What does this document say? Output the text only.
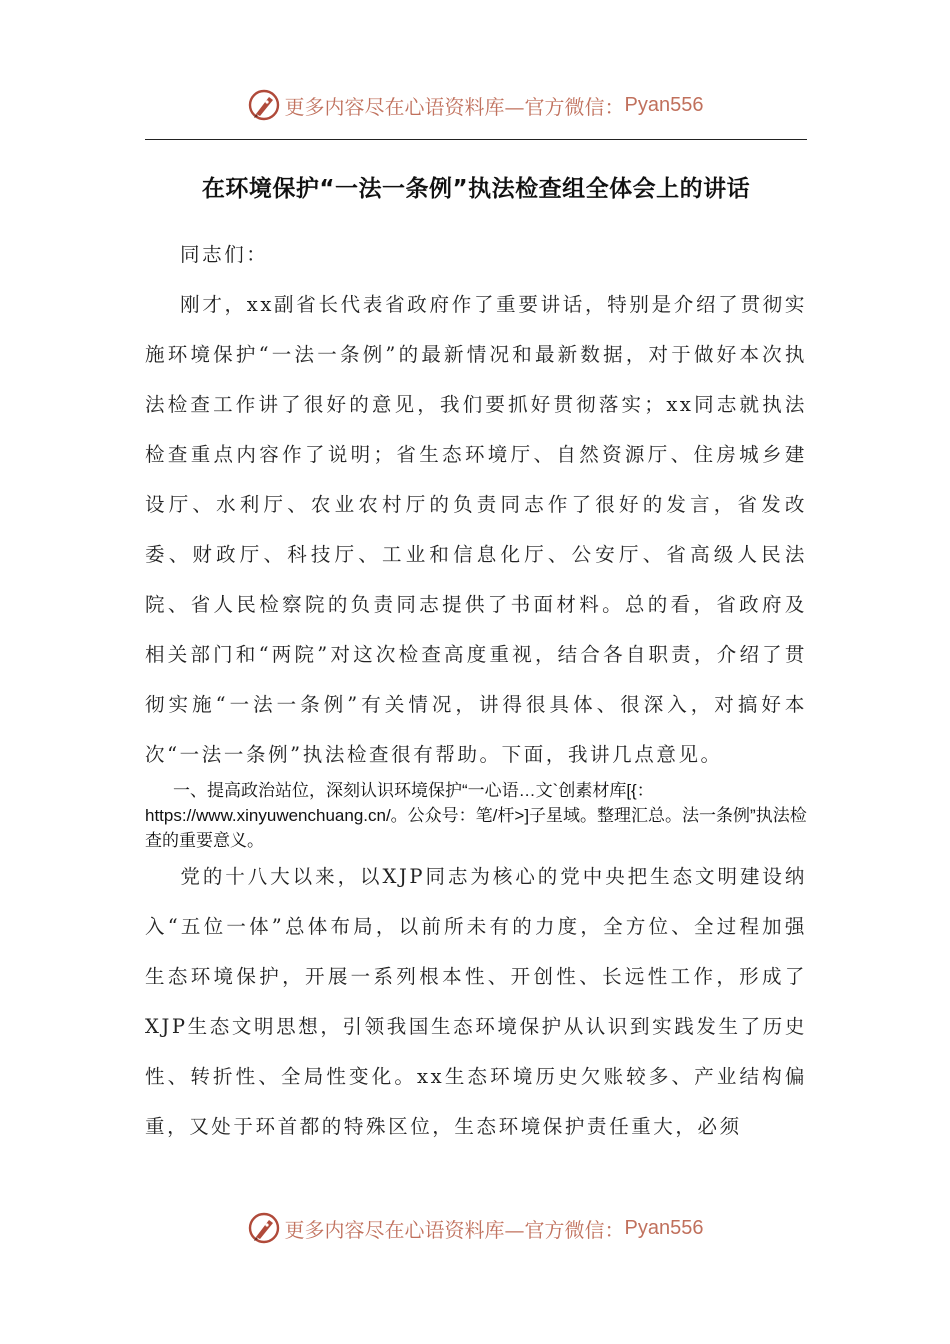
更多内容尽在心语资料库—官方微信： Pyan556
在环境保护“一法一条例”执法检查组全体会上的讲话

同志们：

刚才，xx副省长代表省政府作了重要讲话，特别是介绍了贯彻实施环境保护“一法一条例”的最新情况和最新数据，对于做好本次执法检查工作讲了很好的意见，我们要抓好贯彻落实；xx同志就执法检查重点内容作了说明；省生态环境厅、自然资源厅、住房城乡建设厅、水利厅、农业农村厅的负责同志作了很好的发言，省发改委、财政厅、科技厅、工业和信息化厅、公安厅、省高级人民法院、省人民检察院的负责同志提供了书面材料。总的看，省政府及相关部门和“两院”对这次检查高度重视，结合各自职责，介绍了贯彻实施“一法一条例”有关情况，讲得很具体、很深入，对搞好本次“一法一条例”执法检查很有帮助。下面，我讲几点意见。

一、提高政治站位，深刻认识环境保护“一心语…文`创素材库[{：https://www.xinyuwenchuang.cn/。公众号：笔/杆>]子星域。整理汇总。法一条例”执法检查的重要意义。

党的十八大以来，以XJP同志为核心的党中央把生态文明建设纳入“五位一体”总体布局，以前所未有的力度，全方位、全过程加强生态环境保护，开展一系列根本性、开创性、长远性工作，形成了XJP生态文明思想，引领我国生态环境保护从认识到实践发生了历史性、转折性、全局性变化。xx生态环境历史欠账较多、产业结构偏重，又处于环首都的特殊区位，生态环境保护责任重大，必须

更多内容尽在心语资料库—官方微信： Pyan556
